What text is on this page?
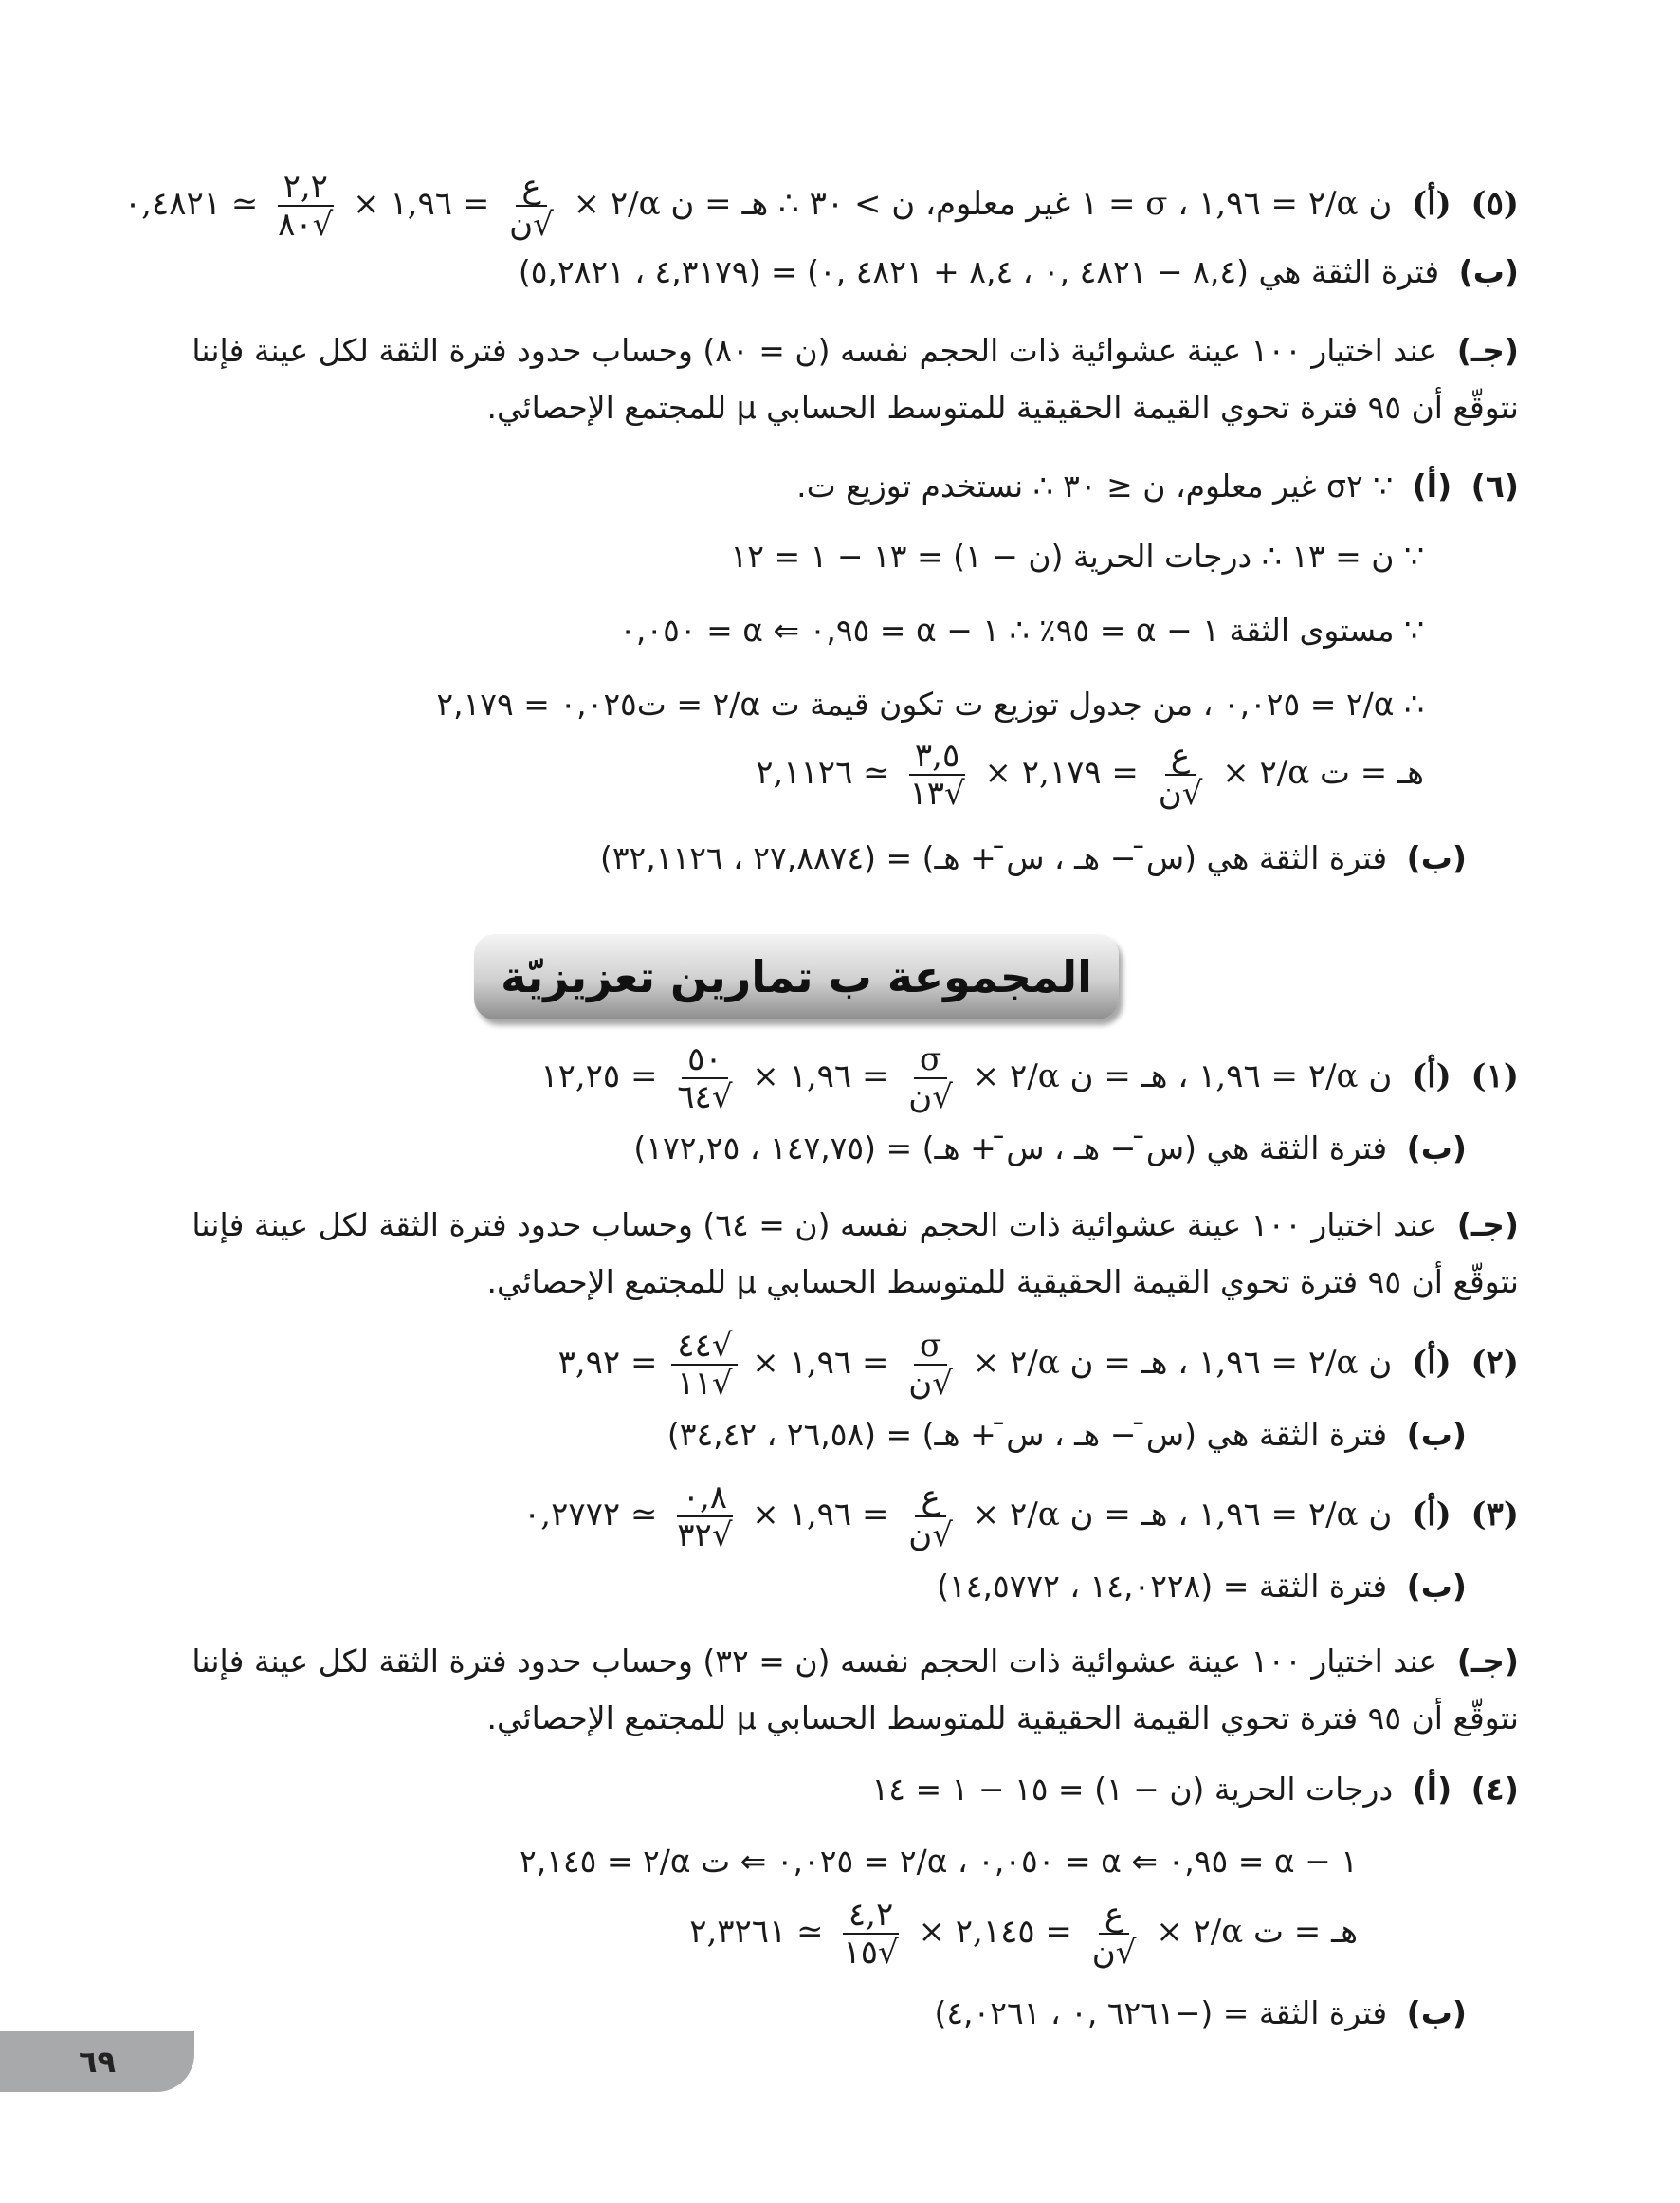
(٥) (أ) ن α/٢ = ١,٩٦ ، σ = ١ غير معلوم، ن > ٣٠ ∴ هـ = ن α/٢ ×
$\frac{\text{ع}}{\text{√ن}}$
= ١,٩٦ ×
$\frac{٢,٢}{√٨٠}$
≃ ٠,٤٨٢١
(ب) فترة الثقة هي (٨,٤ − ٤٨٢١ ,٠ ، ٨,٤ + ٤٨٢١ ,٠) = (٤,٣١٧٩ ، ٥,٢٨٢١)
(جـ) عند اختيار ١٠٠ عينة عشوائية ذات الحجم نفسه (ن = ٨٠) وحساب حدود فترة الثقة لكل عينة فإننا نتوقّع أن ٩٥ فترة تحوي القيمة الحقيقية للمتوسط الحسابي μ للمجتمع الإحصائي.
(٦) (أ) ∵ σ٢ غير معلوم، ن ≤ ٣٠ ∴ نستخدم توزيع ت.
∵ ن = ١٣ ∴ درجات الحرية (ن − ١) = ١٣ − ١ = ١٢
∵ مستوى الثقة ١ − α = ٩٥٪ ∴ ١ − α = ٠,٩٥ ⇐ α = ٠,٠٥٠
∴ α/٢ = ٠,٠٢٥ ، من جدول توزيع ت تكون قيمة ت α/٢ = ت٠,٠٢٥ = ٢,١٧٩
هـ = ت α/٢ ×
$\frac{\text{ع}}{\text{√ن}}$
= ٢,١٧٩ ×
$\frac{٣,٥}{√١٣}$
≃ ٢,١١٢٦
(ب) فترة الثقة هي (س̄ − هـ ، س̄ + هـ) = (٢٧,٨٨٧٤ ، ٣٢,١١٢٦)
المجموعة ب تمارين تعزيزيّة
(١) (أ) ن α/٢ = ١,٩٦ ، هـ = ن α/٢ ×
$\frac{\sigma}{\text{√ن}}$
= ١,٩٦ ×
$\frac{٥٠}{√٦٤}$
= ١٢,٢٥
(ب) فترة الثقة هي (س̄ − هـ ، س̄ + هـ) = (١٤٧,٧٥ ، ١٧٢,٢٥)
(جـ) عند اختيار ١٠٠ عينة عشوائية ذات الحجم نفسه (ن = ٦٤) وحساب حدود فترة الثقة لكل عينة فإننا نتوقّع أن ٩٥ فترة تحوي القيمة الحقيقية للمتوسط الحسابي μ للمجتمع الإحصائي.
(٢) (أ) ن α/٢ = ١,٩٦ ، هـ = ن α/٢ ×
$\frac{\sigma}{\text{√ن}}$
= ١,٩٦ ×
$\frac{√٤٤}{√١١}$
= ٣,٩٢
(ب) فترة الثقة هي (س̄ − هـ ، س̄ + هـ) = (٢٦,٥٨ ، ٣٤,٤٢)
(٣) (أ) ن α/٢ = ١,٩٦ ، هـ = ن α/٢ ×
$\frac{\text{ع}}{\text{√ن}}$
= ١,٩٦ ×
$\frac{٠,٨}{√٣٢}$
≃ ٠,٢٧٧٢
(ب) فترة الثقة = (١٤,٠٢٢٨ ، ١٤,٥٧٧٢)
(جـ) عند اختيار ١٠٠ عينة عشوائية ذات الحجم نفسه (ن = ٣٢) وحساب حدود فترة الثقة لكل عينة فإننا نتوقّع أن ٩٥ فترة تحوي القيمة الحقيقية للمتوسط الحسابي μ للمجتمع الإحصائي.
(٤) (أ) درجات الحرية (ن − ١) = ١٥ − ١ = ١٤
١ − α = ٠,٩٥ ⇐ α = ٠,٠٥٠ ، α/٢ = ٠,٠٢٥ ⇐ ت α/٢ = ٢,١٤٥
هـ = ت α/٢ ×
$\frac{\text{ع}}{\text{√ن}}$
= ٢,١٤٥ ×
$\frac{٤,٢}{√١٥}$
≃ ٢,٣٢٦١
(ب) فترة الثقة = (−٦٢٦١ ,٠ ، ٤,٠٢٦١)
٦٩
